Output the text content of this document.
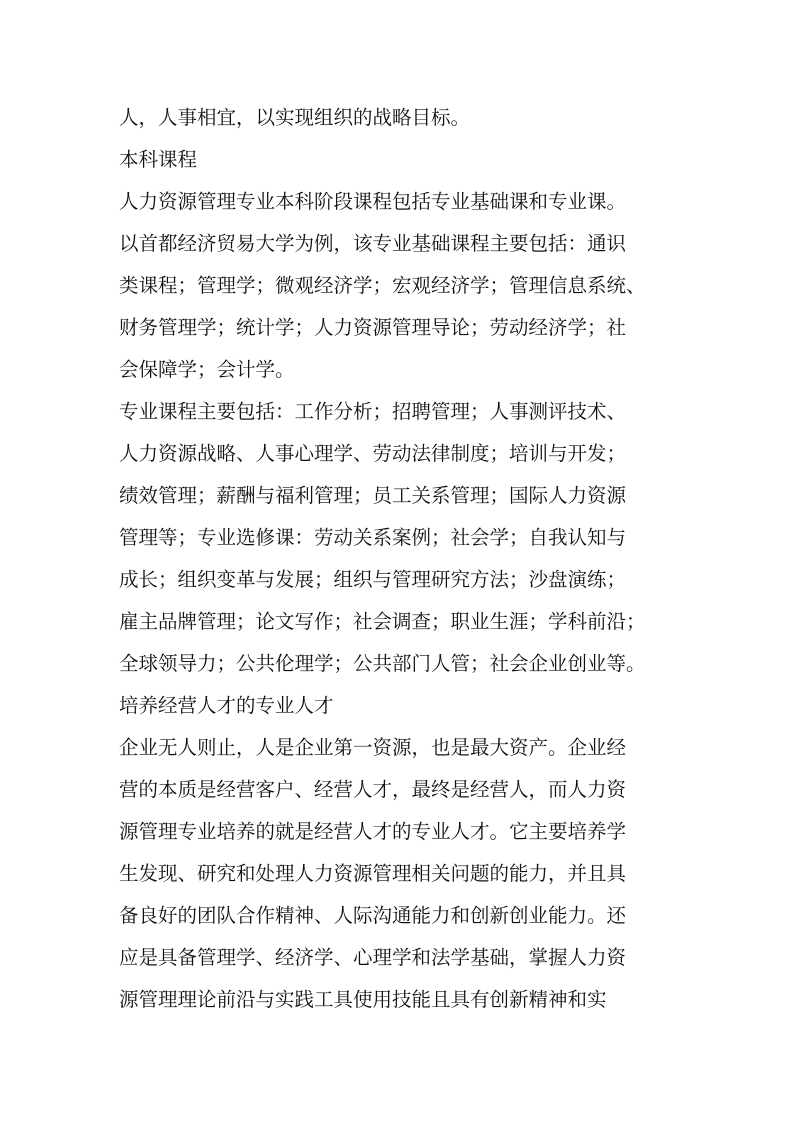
人，人事相宜，以实现组织的战略目标。
本科课程
人力资源管理专业本科阶段课程包括专业基础课和专业课。
以首都经济贸易大学为例，该专业基础课程主要包括：通识
类课程；管理学；微观经济学；宏观经济学；管理信息系统、
财务管理学；统计学；人力资源管理导论；劳动经济学；社
会保障学；会计学。
专业课程主要包括：工作分析；招聘管理；人事测评技术、
人力资源战略、人事心理学、劳动法律制度；培训与开发；
绩效管理；薪酬与福利管理；员工关系管理；国际人力资源
管理等；专业选修课：劳动关系案例；社会学；自我认知与
成长；组织变革与发展；组织与管理研究方法；沙盘演练；
雇主品牌管理；论文写作；社会调查；职业生涯；学科前沿；
全球领导力；公共伦理学；公共部门人管；社会企业创业等。
培养经营人才的专业人才
企业无人则止，人是企业第一资源，也是最大资产。企业经
营的本质是经营客户、经营人才，最终是经营人，而人力资
源管理专业培养的就是经营人才的专业人才。它主要培养学
生发现、研究和处理人力资源管理相关问题的能力，并且具
备良好的团队合作精神、人际沟通能力和创新创业能力。还
应是具备管理学、经济学、心理学和法学基础，掌握人力资
源管理理论前沿与实践工具使用技能且具有创新精神和实
